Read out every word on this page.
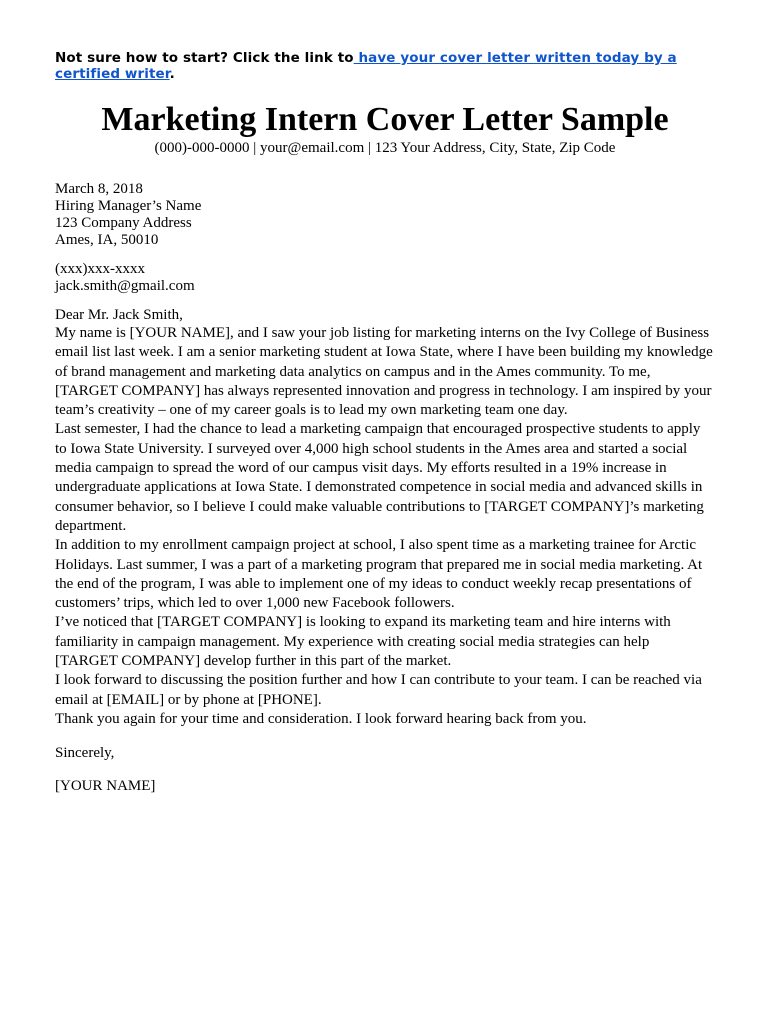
Not sure how to start? Click the link to have your cover letter written today by a certified writer.

Marketing Intern Cover Letter Sample

(000)-000-0000 | your@email.com | 123 Your Address, City, State, Zip Code

March 8, 2018
Hiring Manager’s Name
123 Company Address
Ames, IA, 50010
(xxx)xxx-xxxx
jack.smith@gmail.com
Dear Mr. Jack Smith,

My name is [YOUR NAME], and I saw your job listing for marketing interns on the Ivy College of Business email list last week. I am a senior marketing student at Iowa State, where I have been building my knowledge of brand management and marketing data analytics on campus and in the Ames community. To me, [TARGET COMPANY] has always represented innovation and progress in technology. I am inspired by your team’s creativity – one of my career goals is to lead my own marketing team one day.

Last semester, I had the chance to lead a marketing campaign that encouraged prospective students to apply to Iowa State University. I surveyed over 4,000 high school students in the Ames area and started a social media campaign to spread the word of our campus visit days. My efforts resulted in a 19% increase in undergraduate applications at Iowa State. I demonstrated competence in social media and advanced skills in consumer behavior, so I believe I could make valuable contributions to [TARGET COMPANY]’s marketing department.

In addition to my enrollment campaign project at school, I also spent time as a marketing trainee for Arctic Holidays. Last summer, I was a part of a marketing program that prepared me in social media marketing. At the end of the program, I was able to implement one of my ideas to conduct weekly recap presentations of customers’ trips, which led to over 1,000 new Facebook followers.

I’ve noticed that [TARGET COMPANY] is looking to expand its marketing team and hire interns with familiarity in campaign management. My experience with creating social media strategies can help [TARGET COMPANY] develop further in this part of the market.

I look forward to discussing the position further and how I can contribute to your team. I can be reached via email at [EMAIL] or by phone at [PHONE].

Thank you again for your time and consideration. I look forward hearing back from you.

Sincerely,
[YOUR NAME]
